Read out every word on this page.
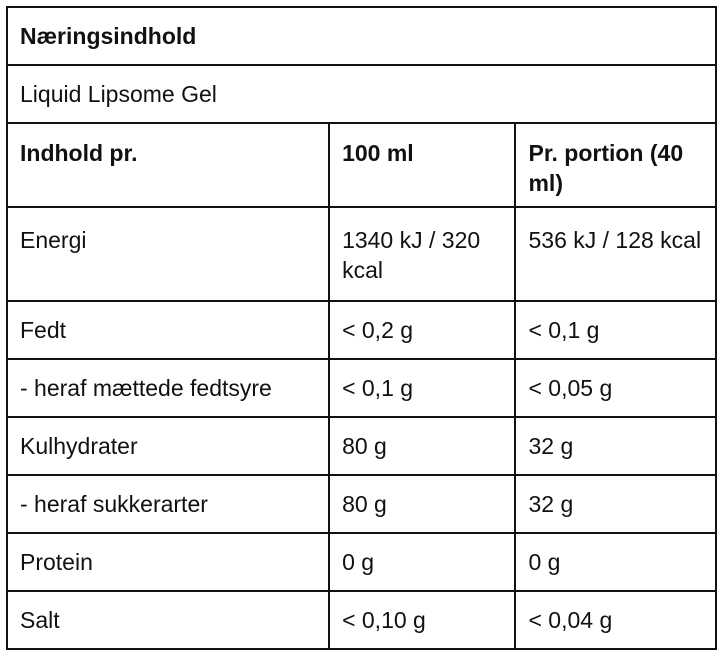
Næringsindhold		
Liquid Lipsome Gel		
Indhold pr.	100 ml	Pr. portion (40 ml)
Energi	1340 kJ / 320 kcal	536 kJ / 128 kcal
Fedt	< 0,2 g	< 0,1 g
- heraf mættede fedtsyre	< 0,1 g	< 0,05 g
Kulhydrater	80 g	32 g
- heraf sukkerarter	80 g	32 g
Protein	0 g	0 g
Salt	< 0,10 g	< 0,04 g
